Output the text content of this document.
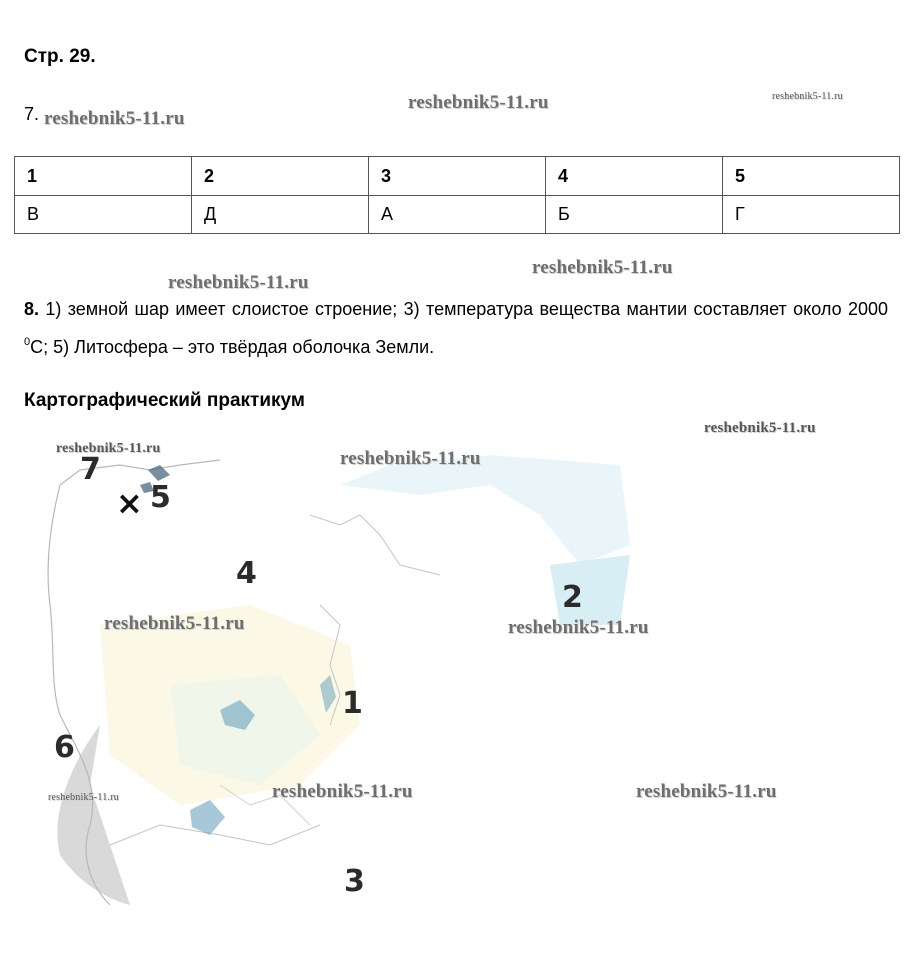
Стр. 29.
7. reshebnik5-11.ru
reshebnik5-11.ru	reshebnik5-11.ru
1	2	3	4	5
В	Д	А	Б	Г
reshebnik5-11.ru
reshebnik5-11.ru
8. 1) земной шар имеет слоистое строение; 3) температура вещества мантии составляет около 2000 $^0$С; 5) Литосфера – это твёрдая оболочка Земли.
Картографический практикум
7
× 5
4
2
1
6
3
reshebnik5-11.ru	reshebnik5-11.ru
reshebnik5-11.ru
reshebnik5-11.ru	reshebnik5-11.ru
reshebnik5-11.ru	reshebnik5-11.ru	reshebnik5-11.ru
